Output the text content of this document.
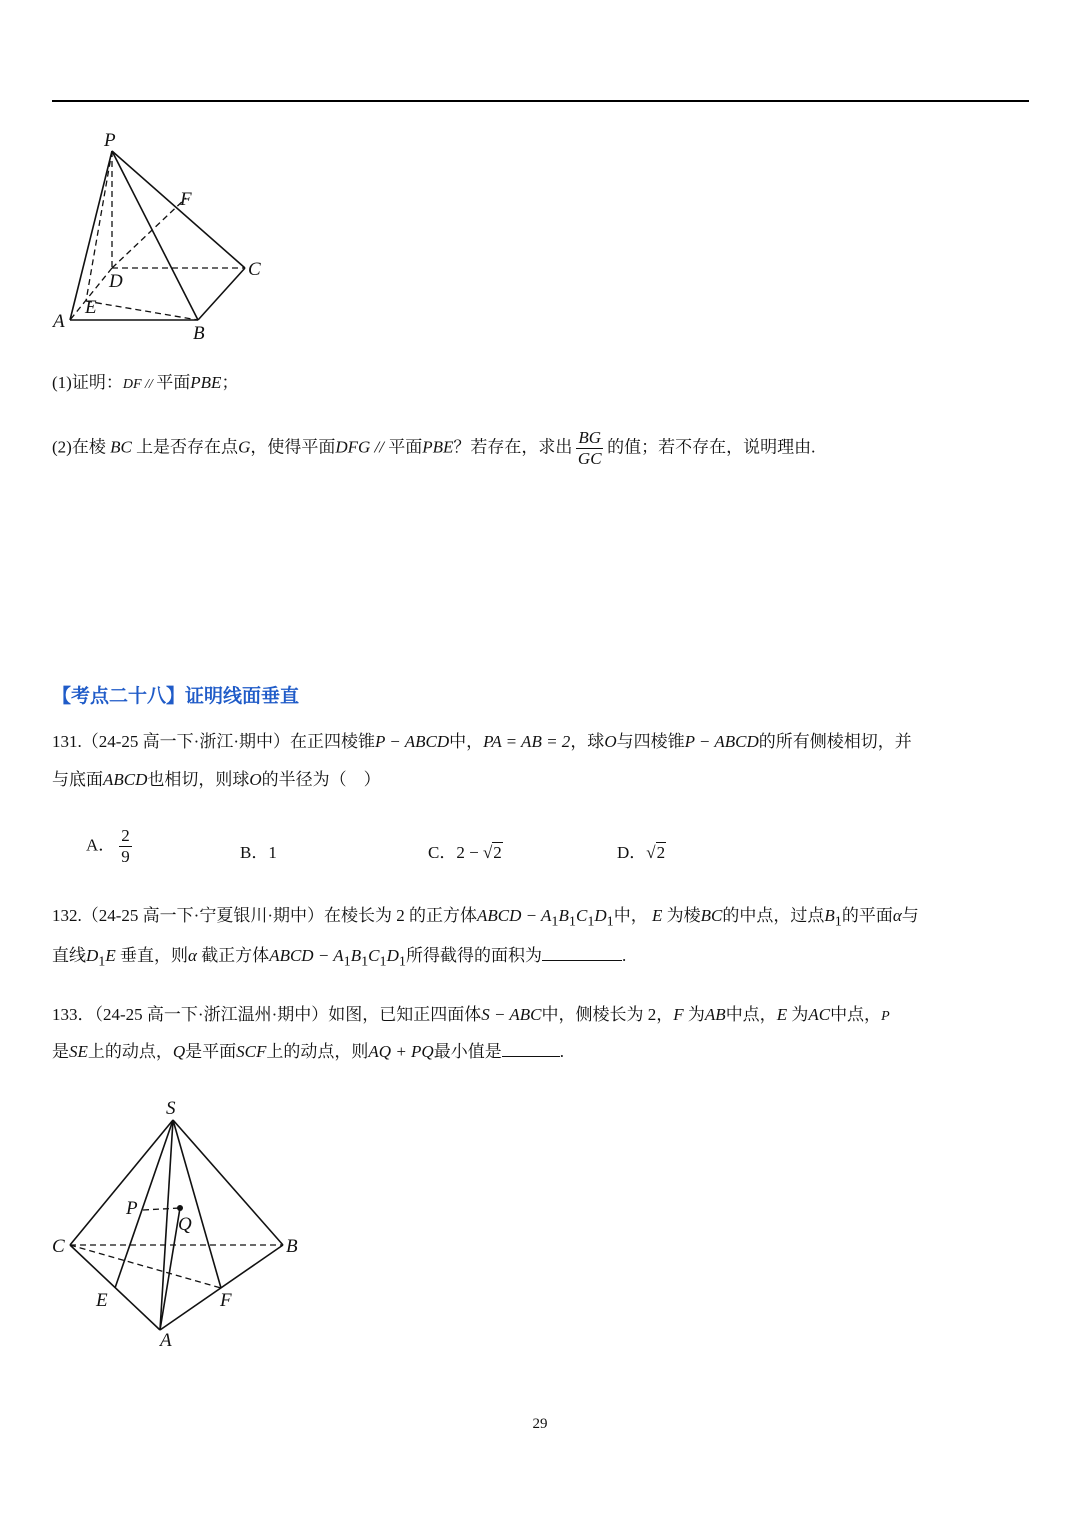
P
F
C
D
E
A
B
(1)证明：DF // 平面PBE；
(2)在棱 BC 上是否存在点G，使得平面DFG // 平面PBE？若存在，求出 $\frac{BG}{GC}$ 的值；若不存在，说明理由.
【考点二十八】证明线面垂直
131.（24-25 高一下·浙江·期中）在正四棱锥P − ABCD中，PA = AB = 2，球O与四棱锥P − ABCD的所有侧棱相切，并
与底面ABCD也相切，则球O的半径为（　）
A． $\frac{2}{9}$	B．1	C．2 − √2	D．√2
132.（24-25 高一下·宁夏银川·期中）在棱长为 2 的正方体ABCD − $A_1B_1C_1D_1$中， E 为棱BC的中点，过点$B_1$的平面α与
直线$D_1E$ 垂直，则α 截正方体ABCD − $A_1B_1C_1D_1$所得截得的面积为	.
133．（24-25 高一下·浙江温州·期中）如图，已知正四面体S − ABC中，侧棱长为 2，F 为AB中点，E 为AC中点，P
是SE上的动点，Q是平面SCF上的动点，则AQ + PQ最小值是	.
S
P
Q
C	B
E	F
A
29
